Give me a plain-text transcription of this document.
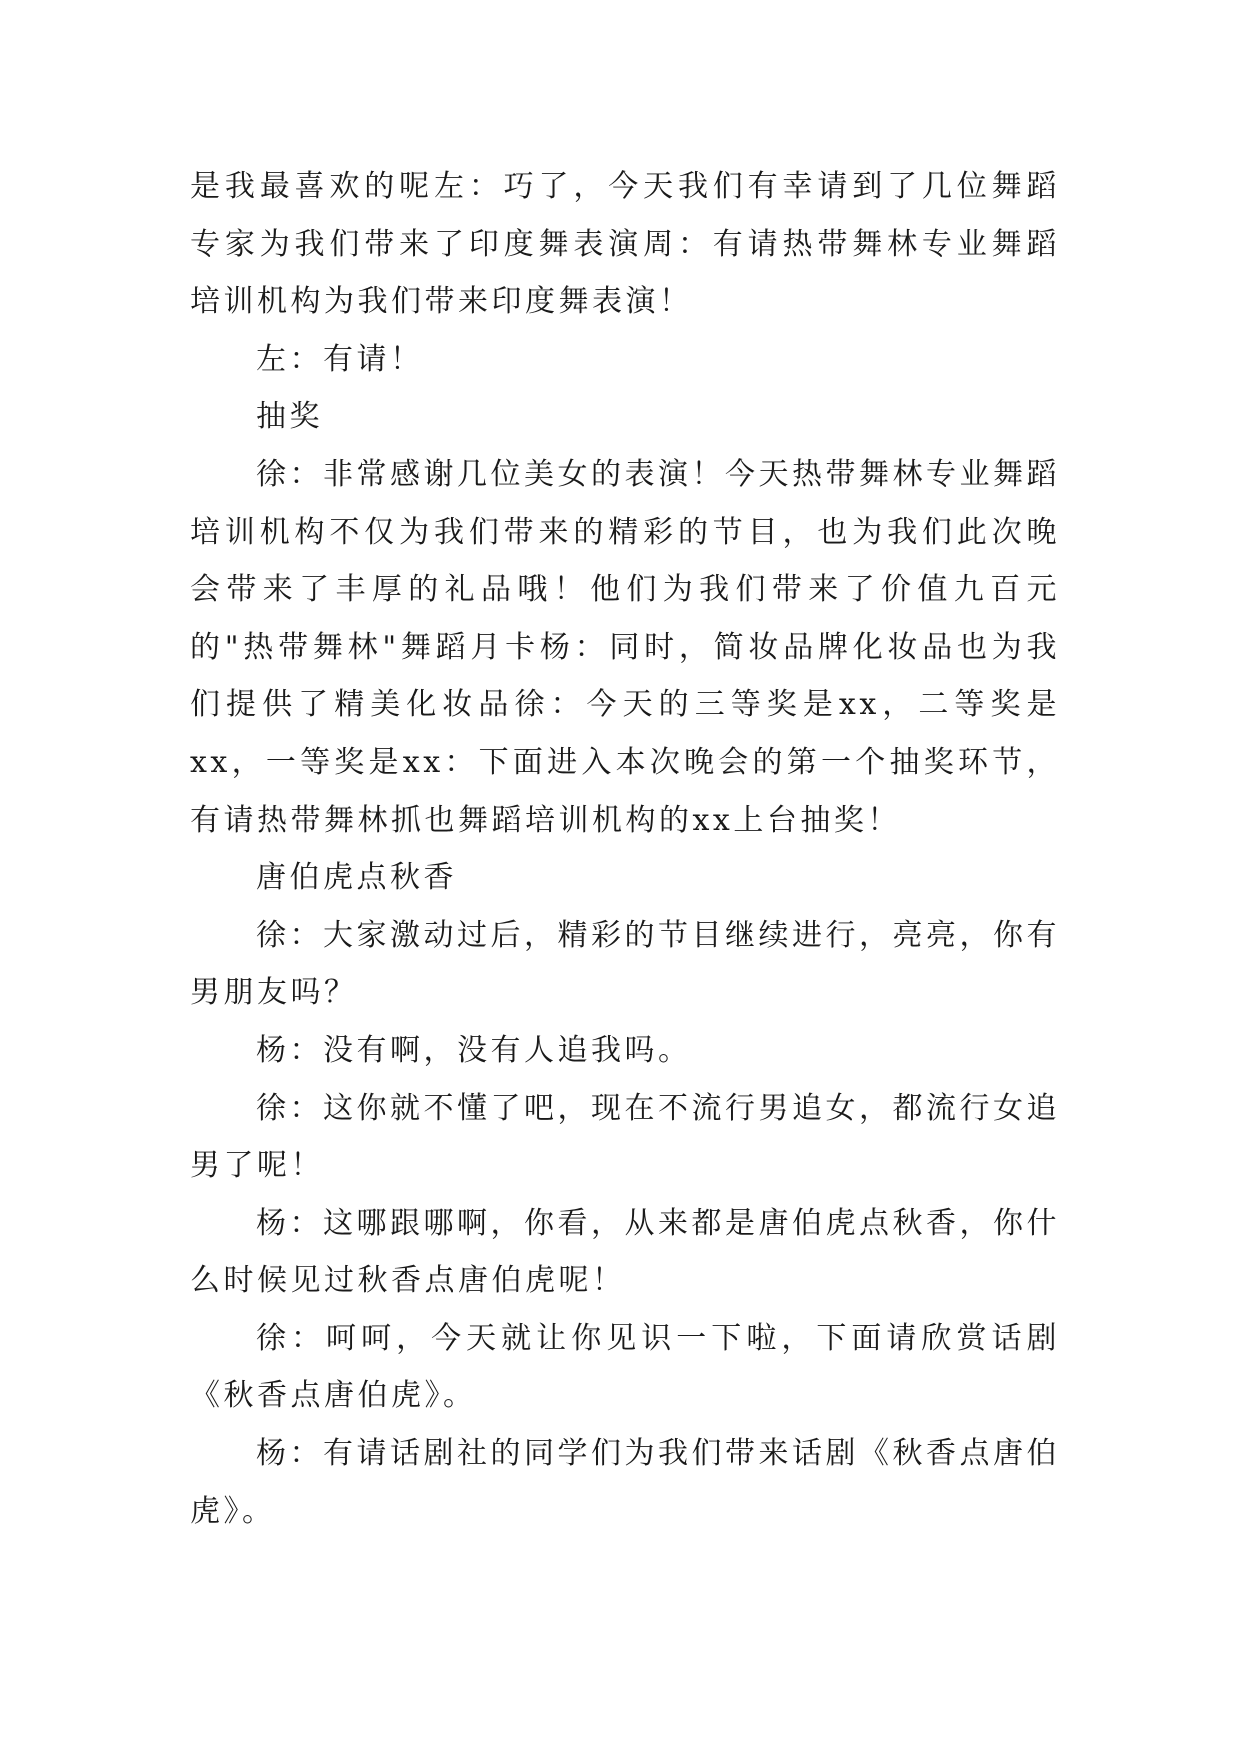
是我最喜欢的呢左：巧了，今天我们有幸请到了几位舞蹈专家为我们带来了印度舞表演周：有请热带舞林专业舞蹈培训机构为我们带来印度舞表演！

左：有请！

抽奖

徐：非常感谢几位美女的表演！今天热带舞林专业舞蹈培训机构不仅为我们带来的精彩的节目，也为我们此次晚会带来了丰厚的礼品哦！他们为我们带来了价值九百元的"热带舞林"舞蹈月卡杨：同时，简妆品牌化妆品也为我们提供了精美化妆品徐：今天的三等奖是xx，二等奖是xx，一等奖是xx：下面进入本次晚会的第一个抽奖环节，有请热带舞林抓也舞蹈培训机构的xx上台抽奖！

唐伯虎点秋香

徐：大家激动过后，精彩的节目继续进行，亮亮，你有男朋友吗？

杨：没有啊，没有人追我吗。

徐：这你就不懂了吧，现在不流行男追女，都流行女追男了呢！

杨：这哪跟哪啊，你看，从来都是唐伯虎点秋香，你什么时候见过秋香点唐伯虎呢！

徐：呵呵，今天就让你见识一下啦，下面请欣赏话剧《秋香点唐伯虎》。

杨：有请话剧社的同学们为我们带来话剧《秋香点唐伯虎》。
